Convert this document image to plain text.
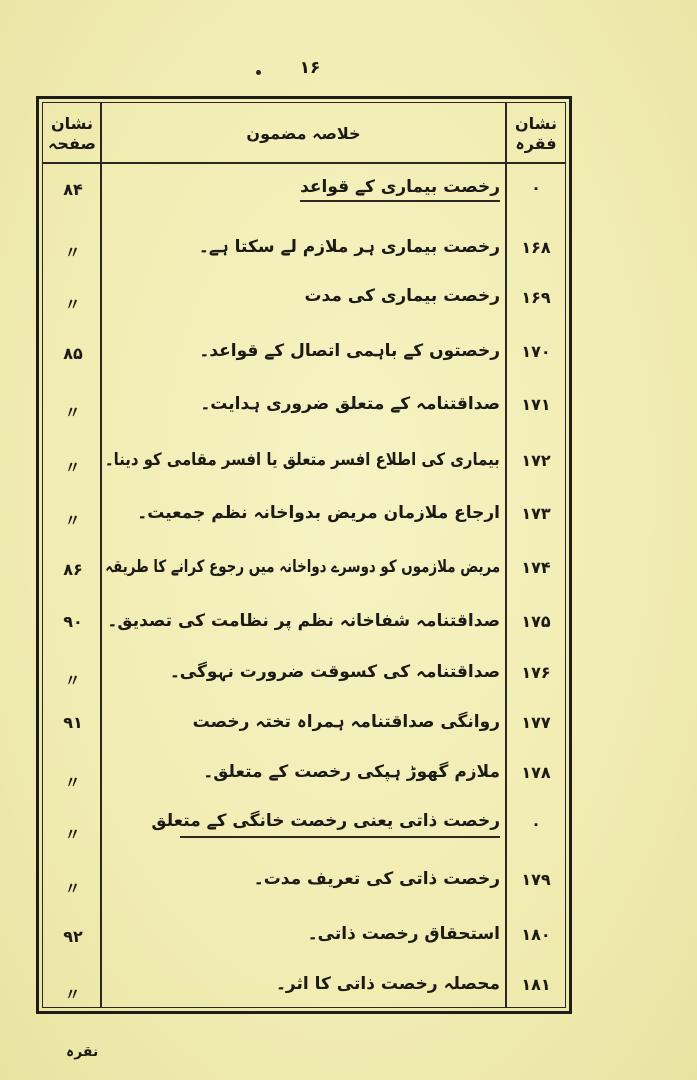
۱۶
نشان صفحہ
خلاصہ مضمون
نشان فقرہ
۰
رخصت بیماری کے قواعد
۸۴
۱۶۸
رخصت بیماری ہر ملازم لے سکتا ہے۔
〃
۱۶۹
رخصت بیماری کی مدت
〃
۱۷۰
رخصتوں کے باہمی اتصال کے قواعد۔
۸۵
۱۷۱
صداقتنامہ کے متعلق ضروری ہدایت۔
〃
۱۷۲
بیماری کی اطلاع افسر متعلق یا افسر مقامی کو دینا۔
〃
۱۷۳
ارجاع ملازمان مریض بدواخانہ نظم جمعیت۔
〃
۱۷۴
مریض ملازموں کو دوسرے دواخانہ میں رجوع کرانے کا طریقہ
۸۶
۱۷۵
صداقتنامہ شفاخانہ نظم پر نظامت کی تصدیق۔
۹۰
۱۷۶
صداقتنامہ کی کسوقت ضرورت نہوگی۔
〃
۱۷۷
روانگی صداقتنامہ ہمراہ تختہ رخصت
۹۱
۱۷۸
ملازم گھوڑ ہپکی رخصت کے متعلق۔
〃
۰
رخصت ذاتی یعنی رخصت خانگی کے متعلق
〃
۱۷۹
رخصت ذاتی کی تعریف مدت۔
〃
۱۸۰
استحقاق رخصت ذاتی۔
۹۲
۱۸۱
محصلہ رخصت ذاتی کا اثر۔
〃
نقرہ
